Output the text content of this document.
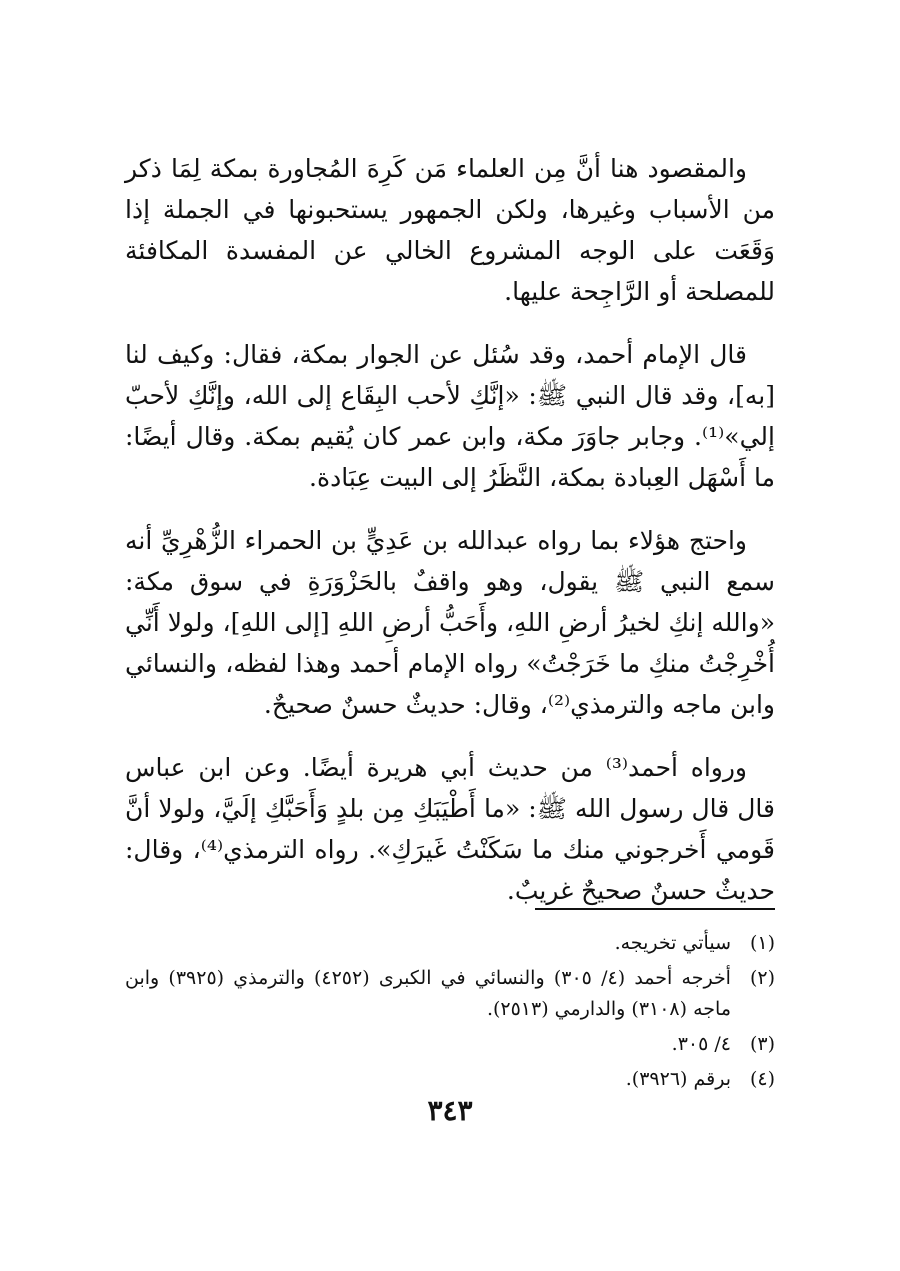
والمقصود هنا أنَّ مِن العلماء مَن كَرِهَ المُجاورة بمكة لِمَا ذكر من الأسباب وغيرها، ولكن الجمهور يستحبونها في الجملة إذا وَقَعَت على الوجه المشروع الخالي عن المفسدة المكافئة للمصلحة أو الرَّاجِحة عليها.

قال الإمام أحمد، وقد سُئل عن الجوار بمكة، فقال: وكيف لنا [به]، وقد قال النبي ﷺ: «إنَّكِ لأحب البِقَاع إلى الله، وإنَّكِ لأحبّ إلي»⁽¹⁾. وجابر جاوَرَ مكة، وابن عمر كان يُقيم بمكة. وقال أيضًا: ما أَسْهَل العِبادة بمكة، النَّظَرُ إلى البيت عِبَادة.

واحتج هؤلاء بما رواه عبدالله بن عَدِيٍّ بن الحمراء الزُّهْرِيِّ أنه سمع النبي ﷺ يقول، وهو واقفٌ بالحَزْوَرَةِ في سوق مكة: «والله إنكِ لخيرُ أرضِ اللهِ، وأَحَبُّ أرضِ اللهِ [إلى اللهِ]، ولولا أَنِّي أُخْرِجْتُ منكِ ما خَرَجْتُ» رواه الإمام أحمد وهذا لفظه، والنسائي وابن ماجه والترمذي⁽²⁾، وقال: حديثٌ حسنٌ صحيحٌ.

ورواه أحمد⁽³⁾ من حديث أبي هريرة أيضًا. وعن ابن عباس قال قال رسول الله ﷺ: «ما أَطْيَبَكِ مِن بلدٍ وَأَحَبَّكِ إلَيَّ، ولولا أنَّ قَومي أَخرجوني منك ما سَكَنْتُ غَيرَكِ». رواه الترمذي⁽⁴⁾، وقال: حديثٌ حسنٌ صحيحٌ غريبٌ.

(١)
سيأتي تخريجه.
(٢)
أخرجه أحمد (٤/ ٣٠٥) والنسائي في الكبرى (٤٢٥٢) والترمذي (٣٩٢٥) وابن ماجه (٣١٠٨) والدارمي (٢٥١٣).
(٣)
٤/ ٣٠٥.
(٤)
برقم (٣٩٢٦).
٣٤٣
